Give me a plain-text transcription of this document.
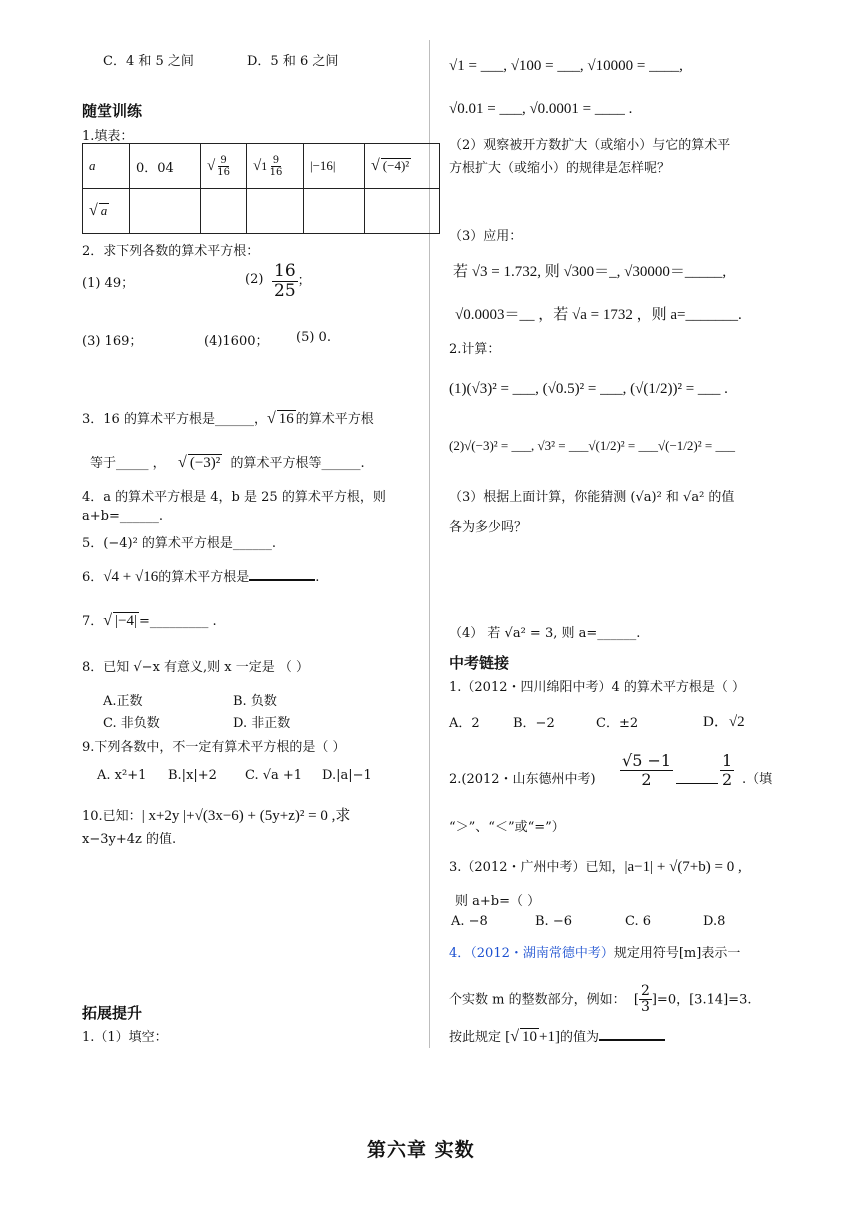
C．4 和 5 之间	D．5 和 6 之间
随堂训练
1.填表：
a	0．04	√ $\frac{9}{16}$	$√1 \frac{9}{16}$	|−16|	√ (−4)²
√ a					
2．求下列各数的算术平方根：
(1) 49；	$(2) \frac{16}{25}$ ；
(3) 169；	(4)1600； (5) 0.
3．16 的算术平方根是______，√ 16 的算术平方根
等于_____ ， √ (−3)² 的算术平方根等______.
4．a 的算术平方根是 4，b 是 25 的算术平方根，则
a+b=______.
5．(−4)² 的算术平方根是______.
6．√4 + √16的算术平方根是	.
7．√ |−4| =_________ .
8．已知 √−x 有意义,则 x 一定是 （ ）
A.正数	B. 负数
C. 非负数	D. 非正数
9.下列各数中，不一定有算术平方根的是（ ）
A. x²+1 B.|x|+2 C. √a +1 D.|a|−1
10.已知：| x+2y |+√(3x−6) + (5y+z)² = 0 ,求
x−3y+4z 的值.
拓展提升
1.（1）填空：
√1 = ___, √100 = ___, √10000 = ____,
√0.01 = ___, √0.0001 = ____ .
（2）观察被开方数扩大（或缩小）与它的算术平
方根扩大（或缩小）的规律是怎样呢？
（3）应用：
若 √3 = 1.732, 则 √300＝_, √30000＝_____,
√0.0003＝__ ，若 √a = 1732 ，则 a=_______.
2.计算：
(1)(√3)² = ___, (√0.5)² = ___, (√(1/2))² = ___ .
(2)√(−3)² = ___, √3² = ___√(1/2)² = ___√(−1/2)² = ___
（3）根据上面计算，你能猜测 (√a)² 和 √a² 的值
各为多少吗？
（4） 若 √a² = 3, 则 a=______.
中考链接
1.（2012・四川绵阳中考）4 的算术平方根是（ ）
A．2	B．−2	C．±2	D．√2
2.(2012・山东德州中考) $\frac{√5 -1}{2}$	$\frac{1}{2}$ .（填
“＞”、“＜”或“=”）
3.（2012・广州中考）已知，|a−1| + √(7+b) = 0 ,
则 a+b=（ ）
A. −8	B. −6	C. 6	D.8
4．（2012・湖南常德中考）规定用符号[m]表示一
个实数 m 的整数部分，例如：  [ $\frac{2}{3} ]=0$，[3.14]=3.
按此规定 [√ 10 +1]的值为
第六章 实数
